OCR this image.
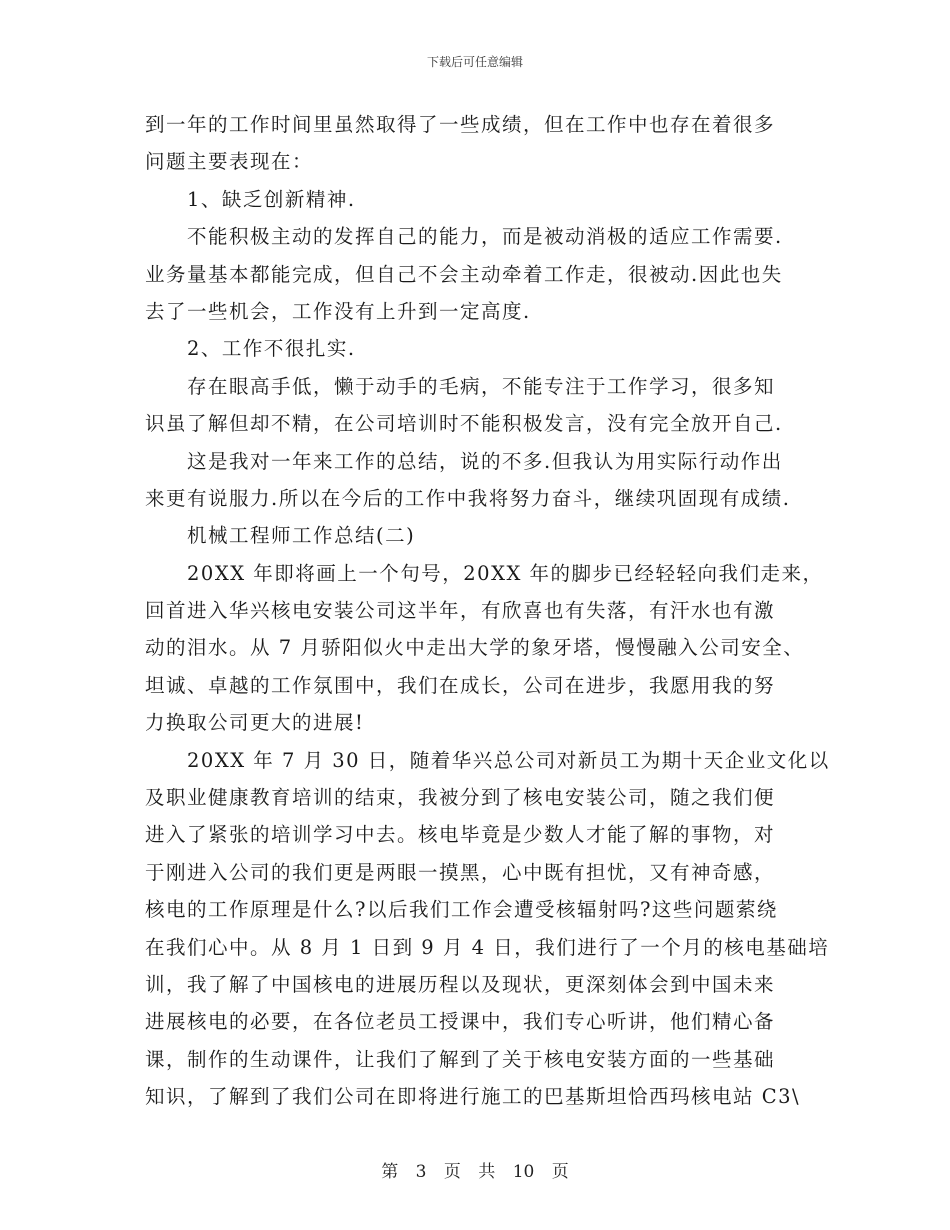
下载后可任意编辑
到一年的工作时间里虽然取得了一些成绩，但在工作中也存在着很多
问题主要表现在：
1、缺乏创新精神.
不能积极主动的发挥自己的能力，而是被动消极的适应工作需要.
业务量基本都能完成，但自己不会主动牵着工作走，很被动.因此也失
去了一些机会，工作没有上升到一定高度.
2、工作不很扎实.
存在眼高手低，懒于动手的毛病，不能专注于工作学习，很多知
识虽了解但却不精，在公司培训时不能积极发言，没有完全放开自己.
这是我对一年来工作的总结，说的不多.但我认为用实际行动作出
来更有说服力.所以在今后的工作中我将努力奋斗，继续巩固现有成绩.
机械工程师工作总结(二)
20XX 年即将画上一个句号，20XX 年的脚步已经轻轻向我们走来，
回首进入华兴核电安装公司这半年，有欣喜也有失落，有汗水也有激
动的泪水。从 7 月骄阳似火中走出大学的象牙塔，慢慢融入公司安全、
坦诚、卓越的工作氛围中，我们在成长，公司在进步，我愿用我的努
力换取公司更大的进展!
20XX 年 7 月 30 日，随着华兴总公司对新员工为期十天企业文化以
及职业健康教育培训的结束，我被分到了核电安装公司，随之我们便
进入了紧张的培训学习中去。核电毕竟是少数人才能了解的事物，对
于刚进入公司的我们更是两眼一摸黑，心中既有担忧，又有神奇感，
核电的工作原理是什么?以后我们工作会遭受核辐射吗?这些问题萦绕
在我们心中。从 8 月 1 日到 9 月 4 日，我们进行了一个月的核电基础培
训，我了解了中国核电的进展历程以及现状，更深刻体会到中国未来
进展核电的必要，在各位老员工授课中，我们专心听讲，他们精心备
课，制作的生动课件，让我们了解到了关于核电安装方面的一些基础
知识，了解到了我们公司在即将进行施工的巴基斯坦恰西玛核电站 C3\
第 3 页 共 10 页
